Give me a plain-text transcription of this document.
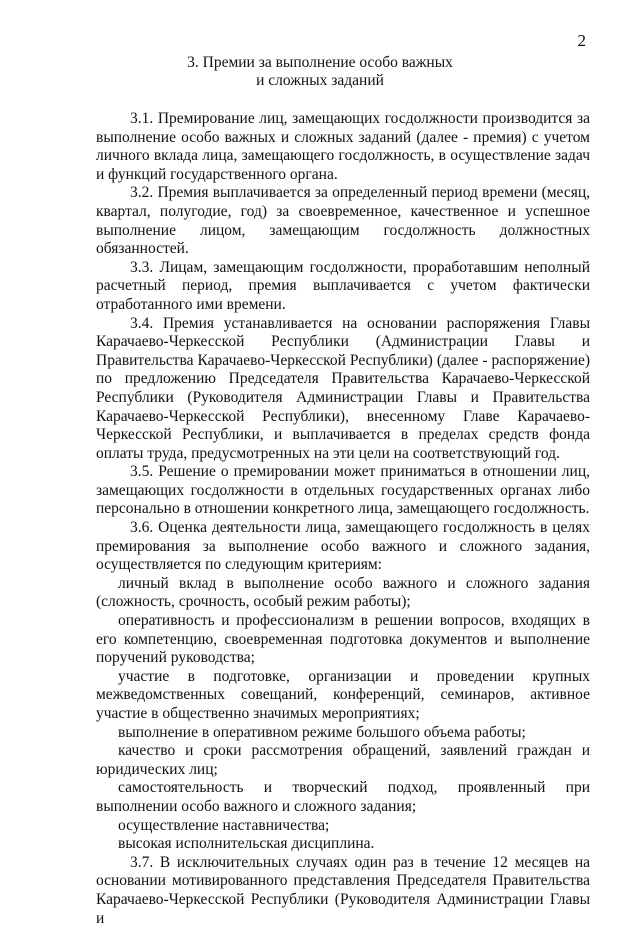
2
3. Премии за выполнение особо важных
и сложных заданий

3.1. Премирование лиц, замещающих госдолжности производится за выполнение особо важных и сложных заданий (далее - премия) с учетом личного вклада лица, замещающего госдолжность, в осуществление задач и функций государственного органа.

3.2. Премия выплачивается за определенный период времени (месяц, квартал, полугодие, год) за своевременное, качественное и успешное выполнение лицом, замещающим госдолжность должностных обязанностей.

3.3. Лицам, замещающим госдолжности, проработавшим неполный расчетный период, премия выплачивается с учетом фактически отработанного ими времени.

3.4. Премия устанавливается на основании распоряжения Главы Карачаево-Черкесской Республики (Администрации Главы и Правительства Карачаево-Черкесской Республики) (далее - распоряжение) по предложению Председателя Правительства Карачаево-Черкесской Республики (Руководителя Администрации Главы и Правительства Карачаево-Черкесской Республики), внесенному Главе Карачаево-Черкесской Республики, и выплачивается в пределах средств фонда оплаты труда, предусмотренных на эти цели на соответствующий год.

3.5. Решение о премировании может приниматься в отношении лиц, замещающих госдолжности в отдельных государственных органах либо персонально в отношении конкретного лица, замещающего госдолжность.

3.6. Оценка деятельности лица, замещающего госдолжность в целях премирования за выполнение особо важного и сложного задания, осуществляется по следующим критериям:

личный вклад в выполнение особо важного и сложного задания (сложность, срочность, особый режим работы);

оперативность и профессионализм в решении вопросов, входящих в его компетенцию, своевременная подготовка документов и выполнение поручений руководства;

участие в подготовке, организации и проведении крупных межведомственных совещаний, конференций, семинаров, активное участие в общественно значимых мероприятиях;

выполнение в оперативном режиме большого объема работы;

качество и сроки рассмотрения обращений, заявлений граждан и юридических лиц;

самостоятельность и творческий подход, проявленный при выполнении особо важного и сложного задания;

осуществление наставничества;

высокая исполнительская дисциплина.

3.7. В исключительных случаях один раз в течение 12 месяцев на основании мотивированного представления Председателя Правительства Карачаево-Черкесской Республики (Руководителя Администрации Главы и
